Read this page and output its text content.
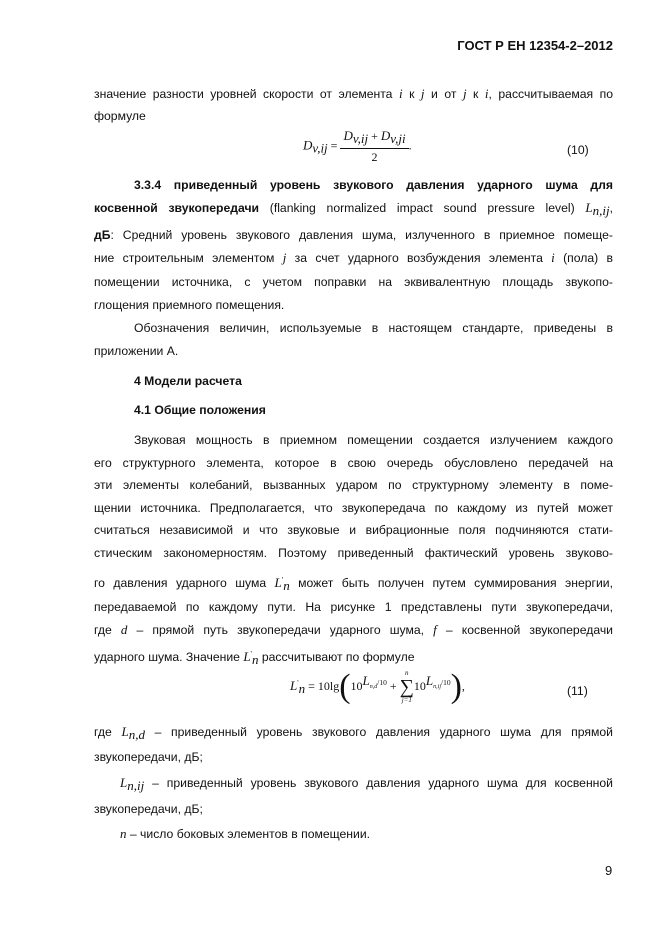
ГОСТ Р ЕН 12354-2–2012
значение разности уровней скорости от элемента i к j и от j к i, рассчитываемая по
формуле
$D_{v,ij} = \frac{D_{v,ij} + D_{v,ji}}{2}$ .	(10)
3.3.4 приведенный уровень звукового давления ударного шума для
косвенной звукопередачи (flanking normalized impact sound pressure level) $L_{n,ij}$,
дБ: Средний уровень звукового давления шума, излученного в приемное помеще-
ние строительным элементом j за счет ударного возбуждения элемента i (пола) в
помещении источника, с учетом поправки на эквивалентную площадь звукопо-
глощения приемного помещения.
Обозначения величин, используемые в настоящем стандарте, приведены в
приложении А.
4 Модели расчета
4.1 Общие положения
Звуковая мощность в приемном помещении создается излучением каждого
его структурного элемента, которое в свою очередь обусловлено передачей на
эти элементы колебаний, вызванных ударом по структурному элементу в поме-
щении источника. Предполагается, что звукопередача по каждому из путей может
считаться независимой и что звуковые и вибрационные поля подчиняются стати-
стическим закономерностям. Поэтому приведенный фактический уровень звуково-
го давления ударного шума $L'_n$ может быть получен путем суммирования энергии,
передаваемой по каждому пути. На рисунке 1 представлены пути звукопередачи,
где d – прямой путь звукопередачи ударного шума, f – косвенной звукопередачи
ударного шума. Значение $L'_n$ рассчитывают по формуле
$L'_n = 10\lg(10^{L_{n,d}/10}$ +
n
∑
j=1
$10^{L_{n,ij}/10}$),	(11)
где $L_{n,d}$ – приведенный уровень звукового давления ударного шума для прямой
звукопередачи, дБ;
$L_{n,ij}$ – приведенный уровень звукового давления ударного шума для косвенной
звукопередачи, дБ;
n – число боковых элементов в помещении.
9
